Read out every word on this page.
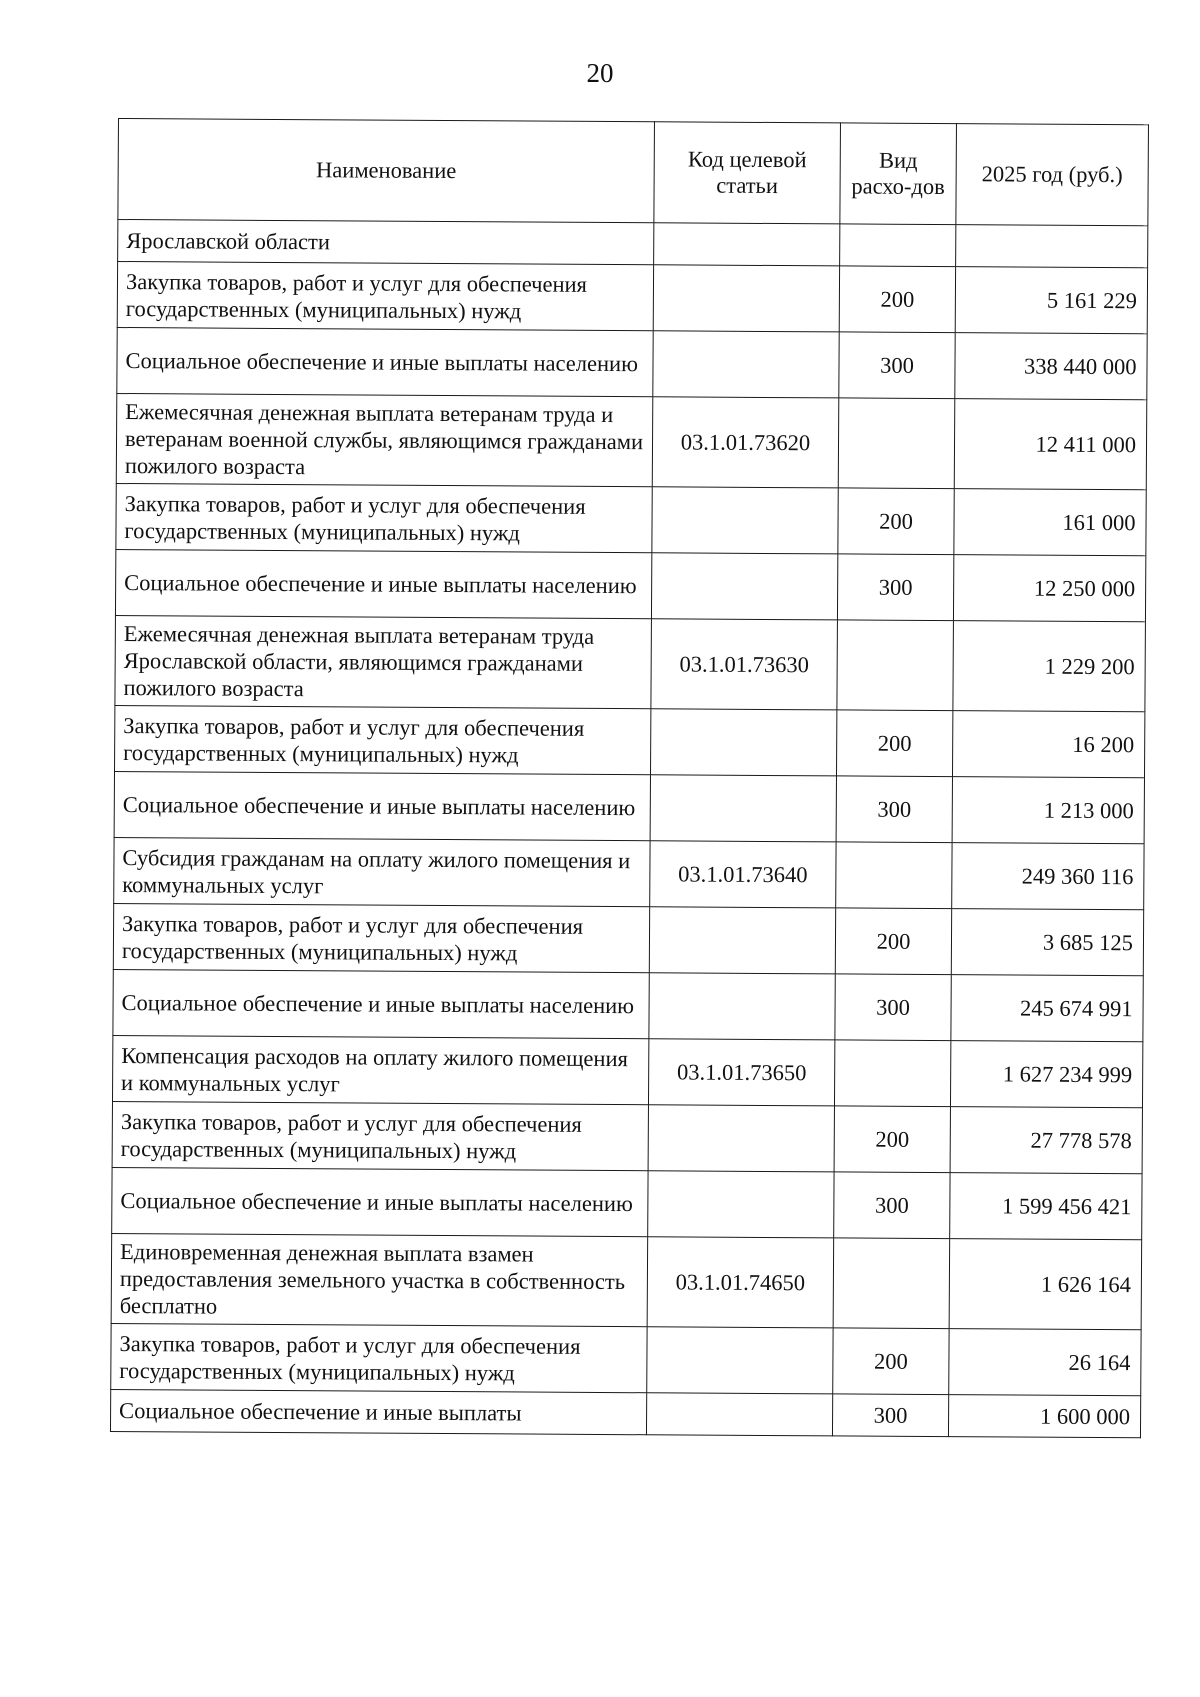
20
Наименование	Код целевой статьи	Вид расхо-дов	2025 год (руб.)
Ярославской области			
Закупка товаров, работ и услуг для обеспечения государственных (муниципальных) нужд		200	5 161 229
Социальное обеспечение и иные выплаты населению		300	338 440 000
Ежемесячная денежная выплата ветеранам труда и ветеранам военной службы, являющимся гражданами пожилого возраста	03.1.01.73620		12 411 000
Закупка товаров, работ и услуг для обеспечения государственных (муниципальных) нужд		200	161 000
Социальное обеспечение и иные выплаты населению		300	12 250 000
Ежемесячная денежная выплата ветеранам труда Ярославской области, являющимся гражданами пожилого возраста	03.1.01.73630		1 229 200
Закупка товаров, работ и услуг для обеспечения государственных (муниципальных) нужд		200	16 200
Социальное обеспечение и иные выплаты населению		300	1 213 000
Субсидия гражданам на оплату жилого помещения и коммунальных услуг	03.1.01.73640		249 360 116
Закупка товаров, работ и услуг для обеспечения государственных (муниципальных) нужд		200	3 685 125
Социальное обеспечение и иные выплаты населению		300	245 674 991
Компенсация расходов на оплату жилого помещения и коммунальных услуг	03.1.01.73650		1 627 234 999
Закупка товаров, работ и услуг для обеспечения государственных (муниципальных) нужд		200	27 778 578
Социальное обеспечение и иные выплаты населению		300	1 599 456 421
Единовременная денежная выплата взамен предоставления земельного участка в собственность бесплатно	03.1.01.74650		1 626 164
Закупка товаров, работ и услуг для обеспечения государственных (муниципальных) нужд		200	26 164
Социальное обеспечение и иные выплаты		300	1 600 000
